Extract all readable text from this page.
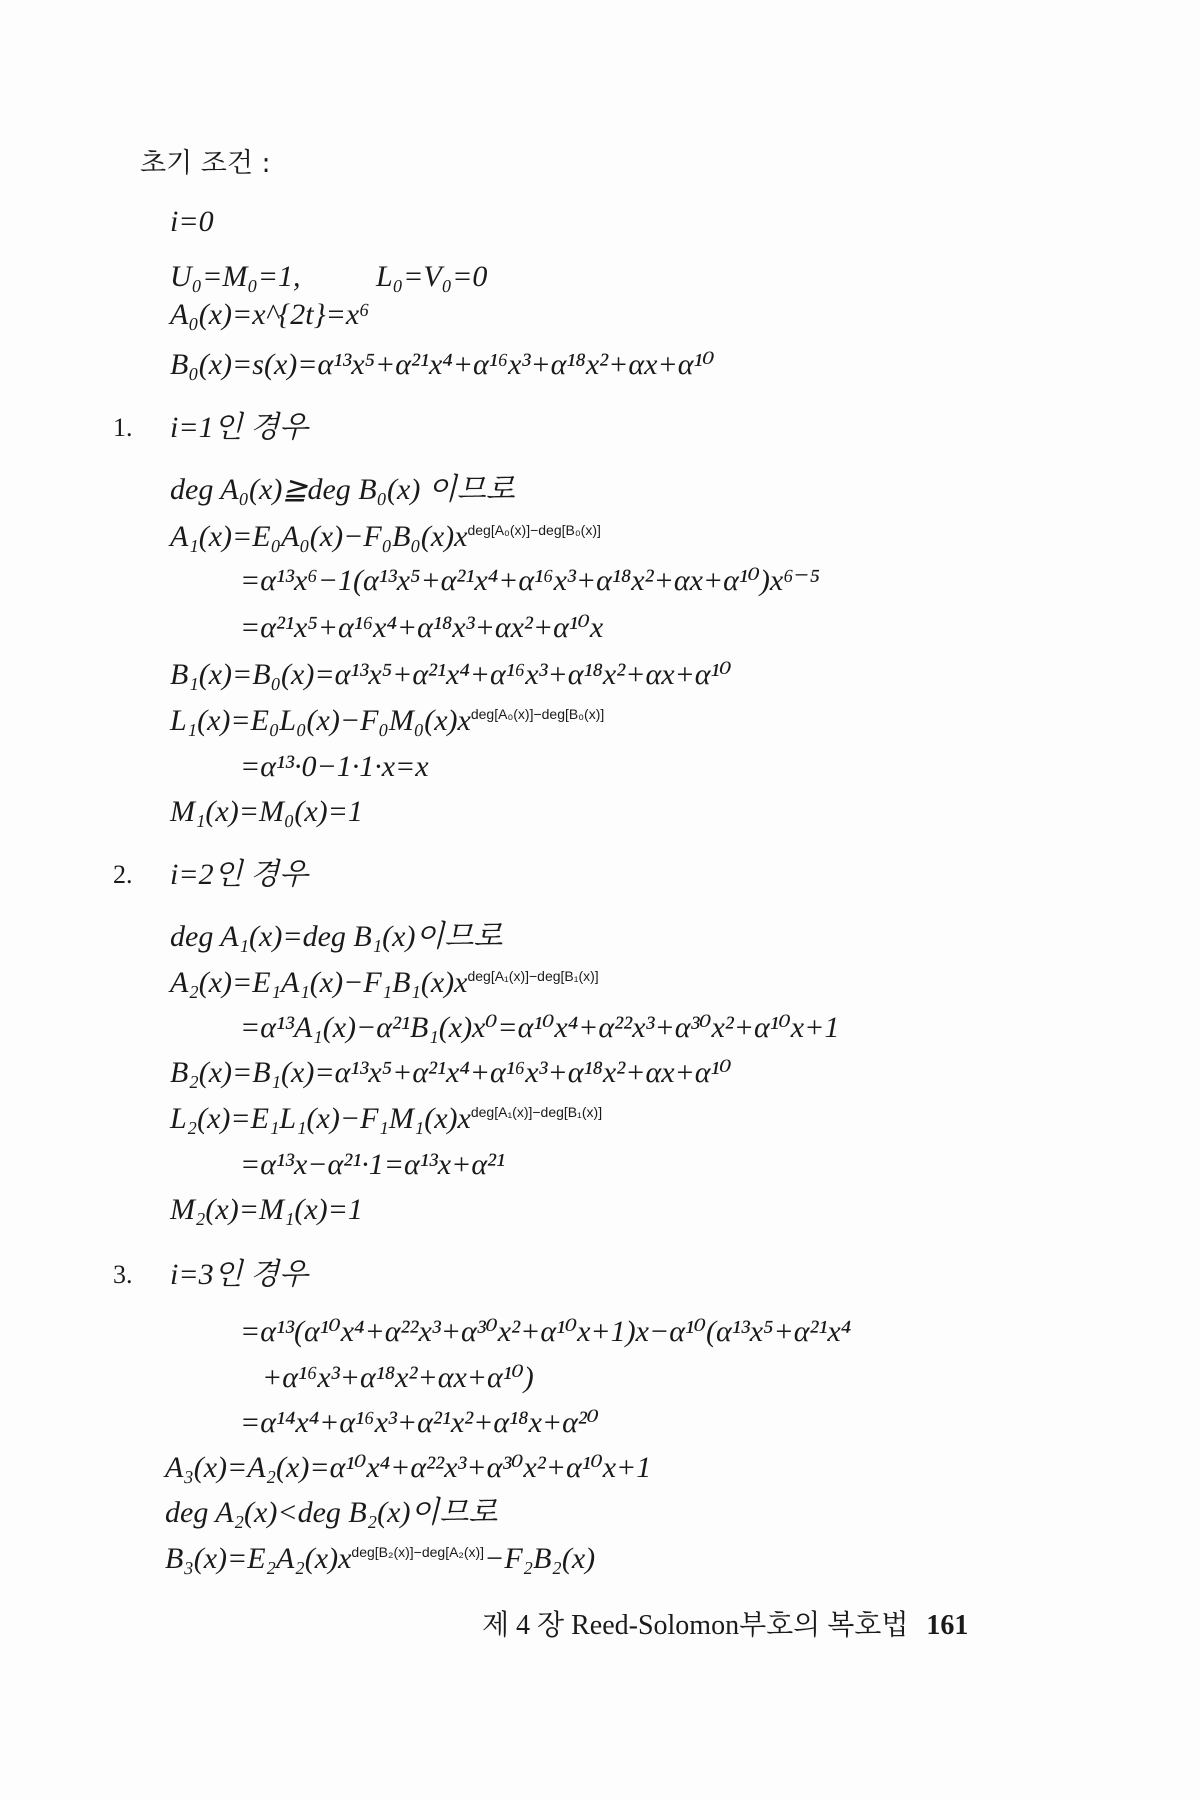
초기 조건 :
i=0
U₀=M₀=1,	L₀=V₀=0
A₀(x)=x^{2t}=x⁶
B₀(x)=s(x)=α¹³x⁵+α²¹x⁴+α¹⁶x³+α¹⁸x²+αx+α¹⁰
1. i=1인 경우
deg A₀(x)≧deg B₀(x) 이므로
$A_1(x)=E_0A_0(x)-F_0B_0(x)x^{deg[A_0(x)]-deg[B_0(x)]}$
=α¹³x⁶−1(α¹³x⁵+α²¹x⁴+α¹⁶x³+α¹⁸x²+αx+α¹⁰)x⁶⁻⁵
=α²¹x⁵+α¹⁶x⁴+α¹⁸x³+αx²+α¹⁰x
B₁(x)=B₀(x)=α¹³x⁵+α²¹x⁴+α¹⁶x³+α¹⁸x²+αx+α¹⁰
$L_1(x)=E_0L_0(x)-F_0M_0(x)x^{deg[A_0(x)]-deg[B_0(x)]}$
=α¹³·0−1·1·x=x
M₁(x)=M₀(x)=1
2. i=2인 경우
deg A₁(x)=deg B₁(x)이므로
$A_2(x)=E_1A_1(x)-F_1B_1(x)x^{deg[A_1(x)]-deg[B_1(x)]}$
=α¹³A₁(x)−α²¹B₁(x)x⁰=α¹⁰x⁴+α²²x³+α³⁰x²+α¹⁰x+1
B₂(x)=B₁(x)=α¹³x⁵+α²¹x⁴+α¹⁶x³+α¹⁸x²+αx+α¹⁰
$L_2(x)=E_1L_1(x)-F_1M_1(x)x^{deg[A_1(x)]-deg[B_1(x)]}$
=α¹³x−α²¹·1=α¹³x+α²¹
M₂(x)=M₁(x)=1
3. i=3인 경우
=α¹³(α¹⁰x⁴+α²²x³+α³⁰x²+α¹⁰x+1)x−α¹⁰(α¹³x⁵+α²¹x⁴
+α¹⁶x³+α¹⁸x²+αx+α¹⁰)
=α¹⁴x⁴+α¹⁶x³+α²¹x²+α¹⁸x+α²⁰
A₃(x)=A₂(x)=α¹⁰x⁴+α²²x³+α³⁰x²+α¹⁰x+1
deg A₂(x)<deg B₂(x)이므로
$B_3(x)=E_2A_2(x)x^{deg[B_2(x)]-deg[A_2(x)]}-F_2B_2(x)$
제 4 장 Reed-Solomon부호의 복호법 161
